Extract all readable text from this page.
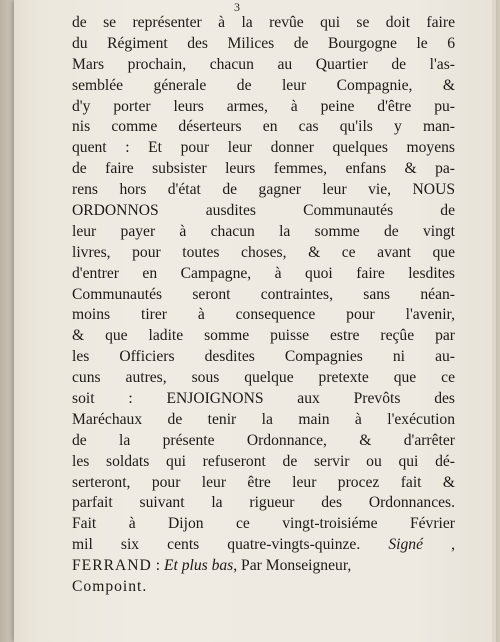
3
de se représenter à la revûe qui se doit faire
du Régiment des Milices de Bourgogne le 6
Mars prochain, chacun au Quartier de l'as-
semblée génerale de leur Compagnie, &
d'y porter leurs armes, à peine d'être pu-
nis comme déserteurs en cas qu'ils y man-
quent : Et pour leur donner quelques moyens
de faire subsister leurs femmes, enfans & pa-
rens hors d'état de gagner leur vie, NOUS
ORDONNOS ausdites Communautés de
leur payer à chacun la somme de vingt
livres, pour toutes choses, & ce avant que
d'entrer en Campagne, à quoi faire lesdites
Communautés seront contraintes, sans néan-
moins tirer à consequence pour l'avenir,
& que ladite somme puisse estre reçûe par
les Officiers desdites Compagnies ni au-
cuns autres, sous quelque pretexte que ce
soit : ENJOIGNONS aux Prevôts des
Maréchaux de tenir la main à l'exécution
de la présente Ordonnance, & d'arrêter
les soldats qui refuseront de servir ou qui dé-
serteront, pour leur être leur procez fait &
parfait suivant la rigueur des Ordonnances.
Fait à Dijon ce vingt-troisiéme Février
mil six cents quatre-vingts-quinze. Signé ,
FERRAND : Et plus bas, Par Monseigneur,
Compoint.
